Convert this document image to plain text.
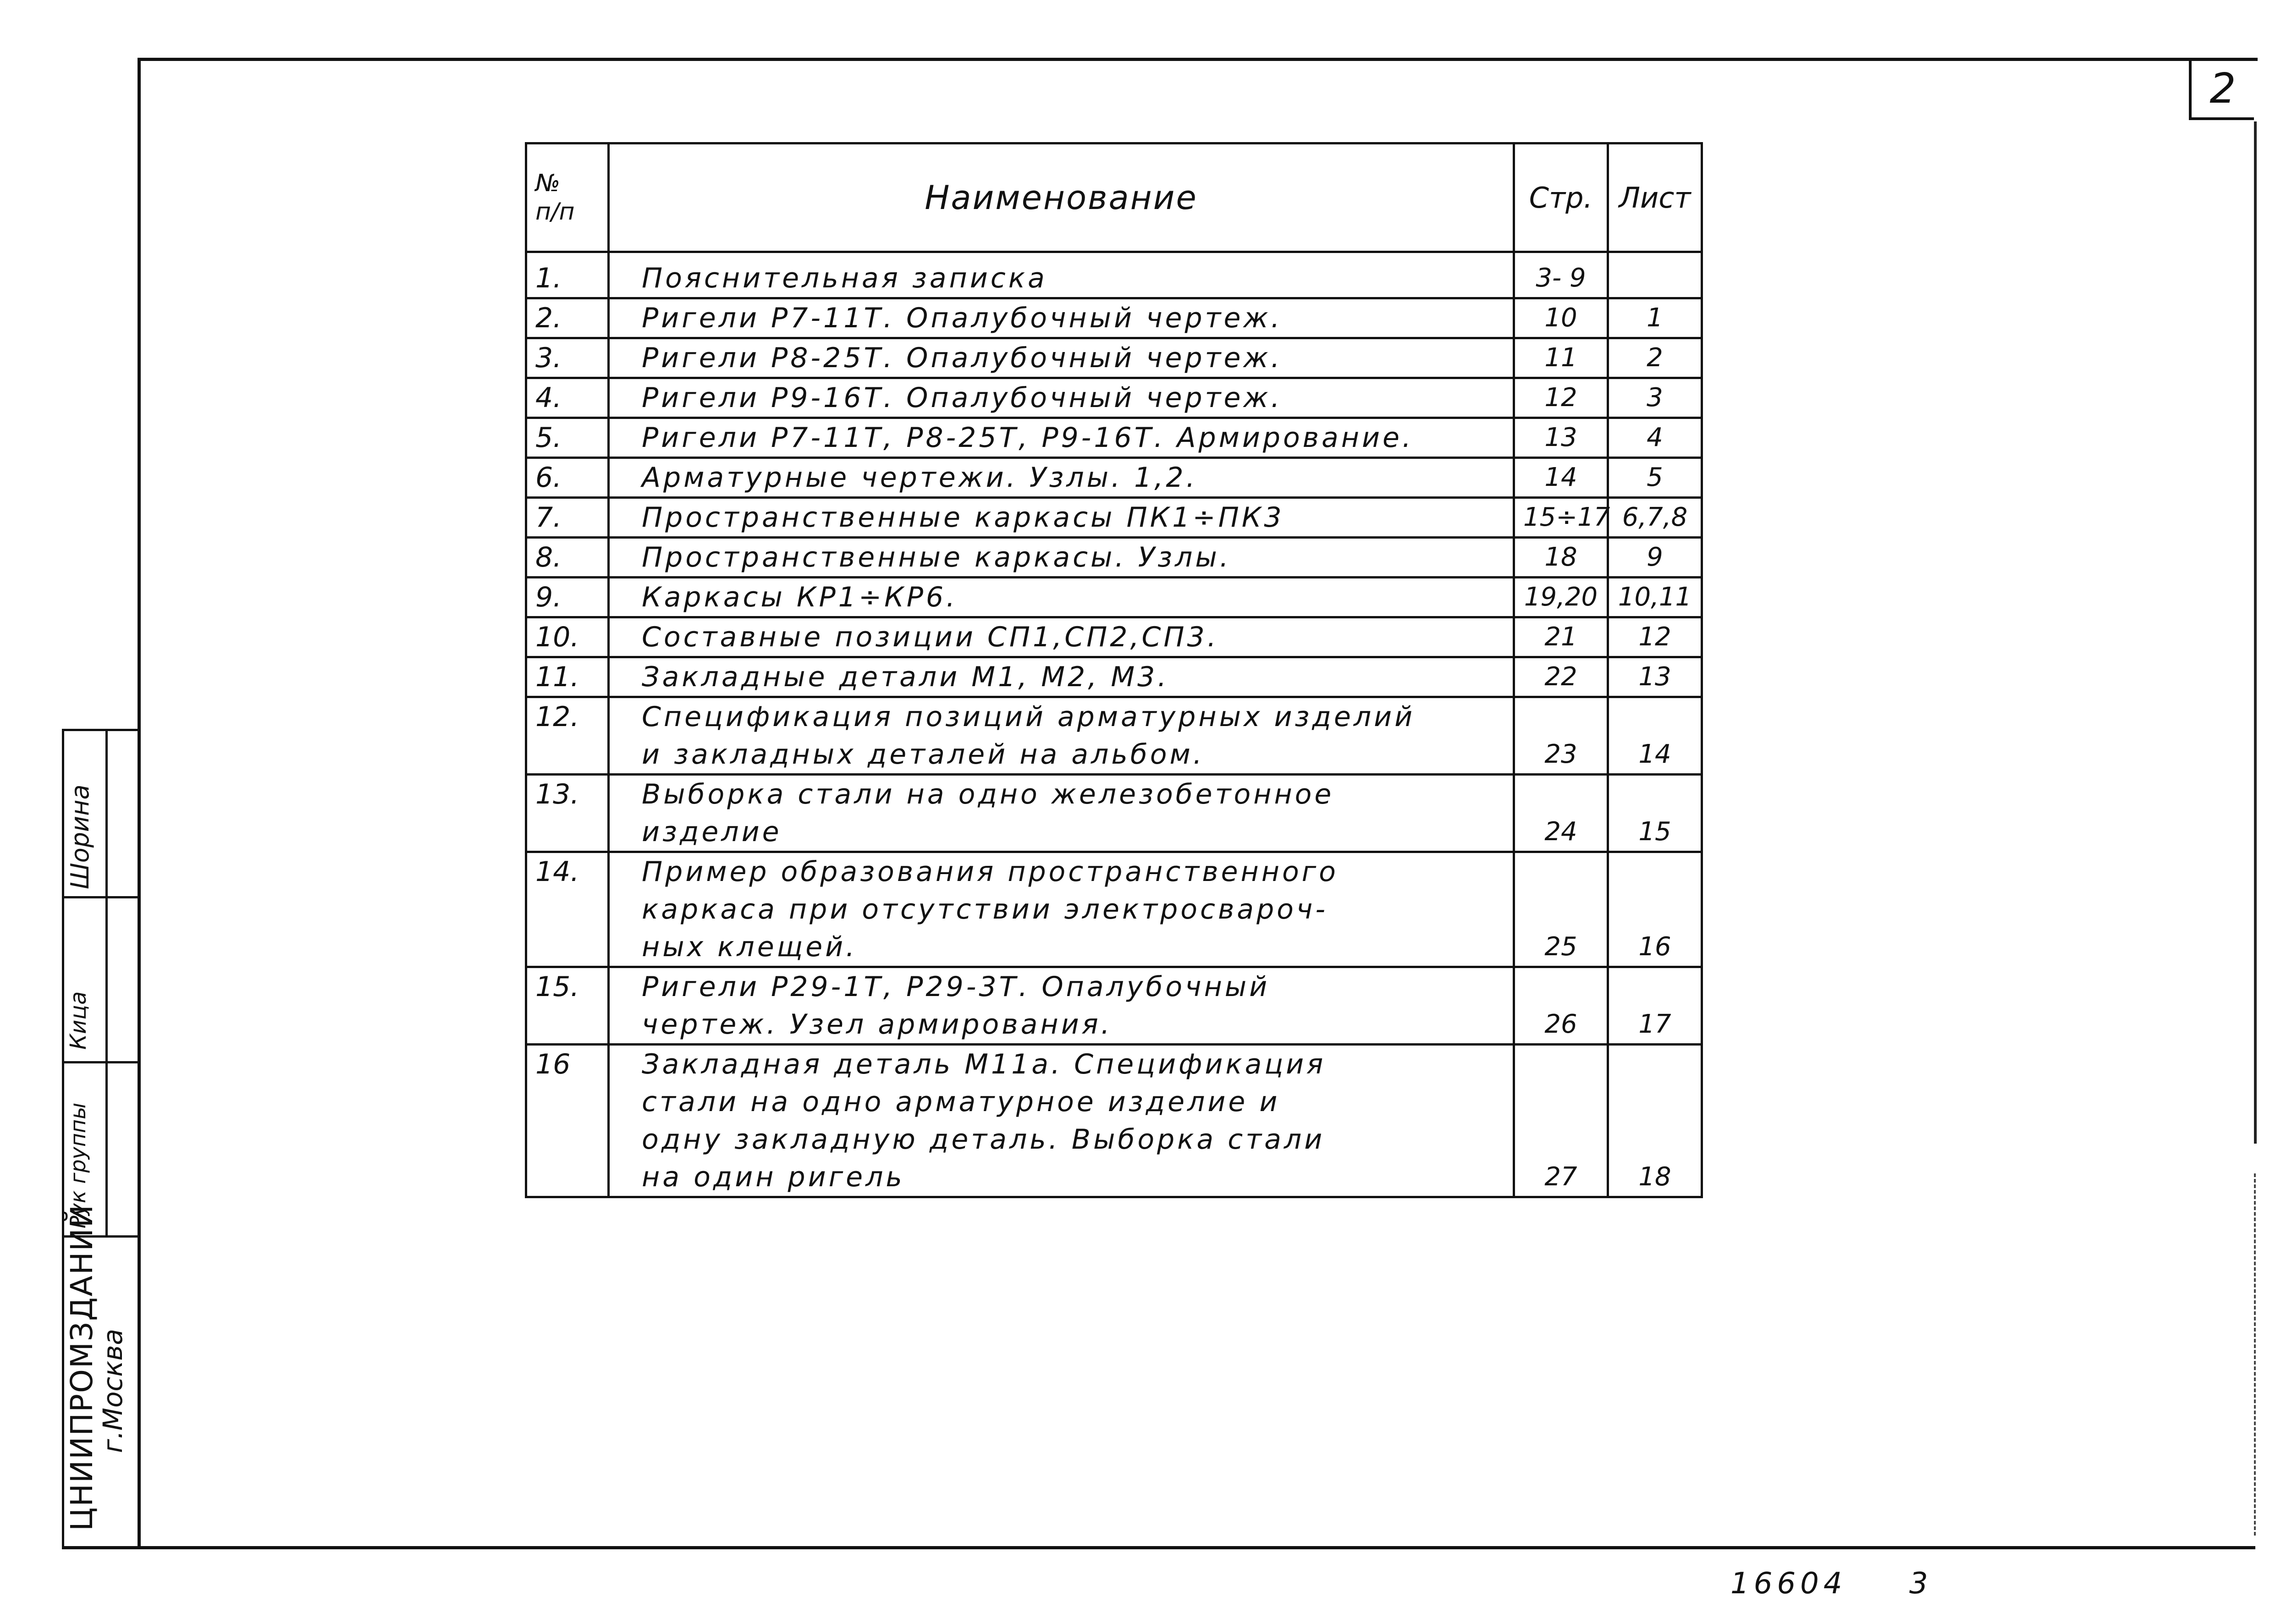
2
№
п/п	Наименование	Стр.	Лист
1.	Пояснительная записка	3- 9	
2.	Ригели Р7-11Т. Опалубочный чертеж.	10	1
3.	Ригели Р8-25Т. Опалубочный чертеж.	11	2
4.	Ригели Р9-16Т. Опалубочный чертеж.	12	3
5.	Ригели Р7-11Т, Р8-25Т, Р9-16Т. Армирование.	13	4
6.	Арматурные чертежи. Узлы. 1,2.	14	5
7.	Пространственные каркасы ПК1÷ПК3	15÷17	6,7,8
8.	Пространственные каркасы. Узлы.	18	9
9.	Каркасы КР1÷КР6.	19,20	10,11
10.	Составные позиции СП1,СП2,СП3.	21	12
11.	Закладные детали М1, М2, М3.	22	13
12.	Спецификация позиций арматурных изделий
и закладных деталей на альбом.	23	14
13.	Выборка стали на одно железобетонное
изделие	24	15
14.	Пример образования пространственного
каркаса при отсутствии электросвароч-
ных клещей.	25	16
15.	Ригели Р29-1Т, Р29-3Т. Опалубочный
чертеж. Узел армирования.	26	17
16	Закладная деталь М11а. Спецификация
стали на одно арматурное изделие и
одну закладную деталь. Выборка стали
на один ригель	27	18
Шорина
Кица
Рук группы
ЦНИИПРОМЗДАНИЙ
г.Москва
16604 3
